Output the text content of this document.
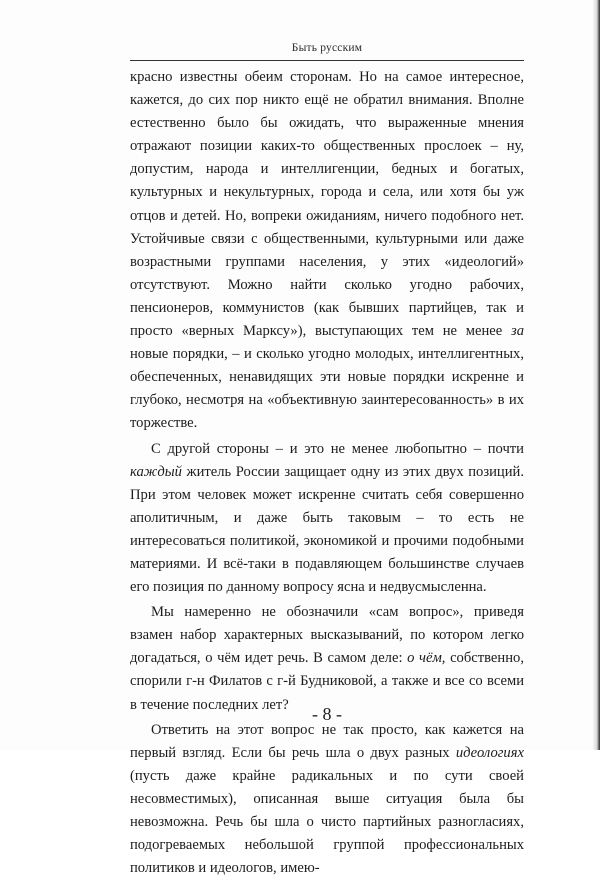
Быть русским

красно известны обеим сторонам. Но на самое интересное, кажется, до сих пор никто ещё не обратил внимания. Вполне естественно было бы ожидать, что выраженные мнения отражают позиции каких-то общественных прослоек – ну, допустим, народа и интеллигенции, бедных и богатых, культурных и некультурных, города и села, или хотя бы уж отцов и детей. Но, вопреки ожиданиям, ничего подобного нет. Устойчивые связи с общественными, культурными или даже возрастными группами населения, у этих «идеологий» отсутствуют. Можно найти сколько угодно рабочих, пенсионеров, коммунистов (как бывших партийцев, так и просто «верных Марксу»), выступающих тем не менее за новые порядки, – и сколько угодно молодых, интеллигентных, обеспеченных, ненавидящих эти новые порядки искренне и глубоко, несмотря на «объективную заинтересованность» в их торжестве.

С другой стороны – и это не менее любопытно – почти каждый житель России защищает одну из этих двух позиций. При этом человек может искренне считать себя совершенно аполитичным, и даже быть таковым – то есть не интересоваться политикой, экономикой и прочими подобными материями. И всё-таки в подавляющем большинстве случаев его позиция по данному вопросу ясна и недвусмысленна.

Мы намеренно не обозначили «сам вопрос», приведя взамен набор характерных высказываний, по котором легко догадаться, о чём идет речь. В самом деле: о чём, собственно, спорили г-н Филатов с г-й Будниковой, а также и все со всеми в течение последних лет?

Ответить на этот вопрос не так просто, как кажется на первый взгляд. Если бы речь шла о двух разных идеологиях (пусть даже крайне радикальных и по сути своей несовместимых), описанная выше ситуация была бы невозможна. Речь бы шла о чисто партийных разногласиях, подогреваемых небольшой группой профессиональных политиков и идеологов, имею-

- 8 -
